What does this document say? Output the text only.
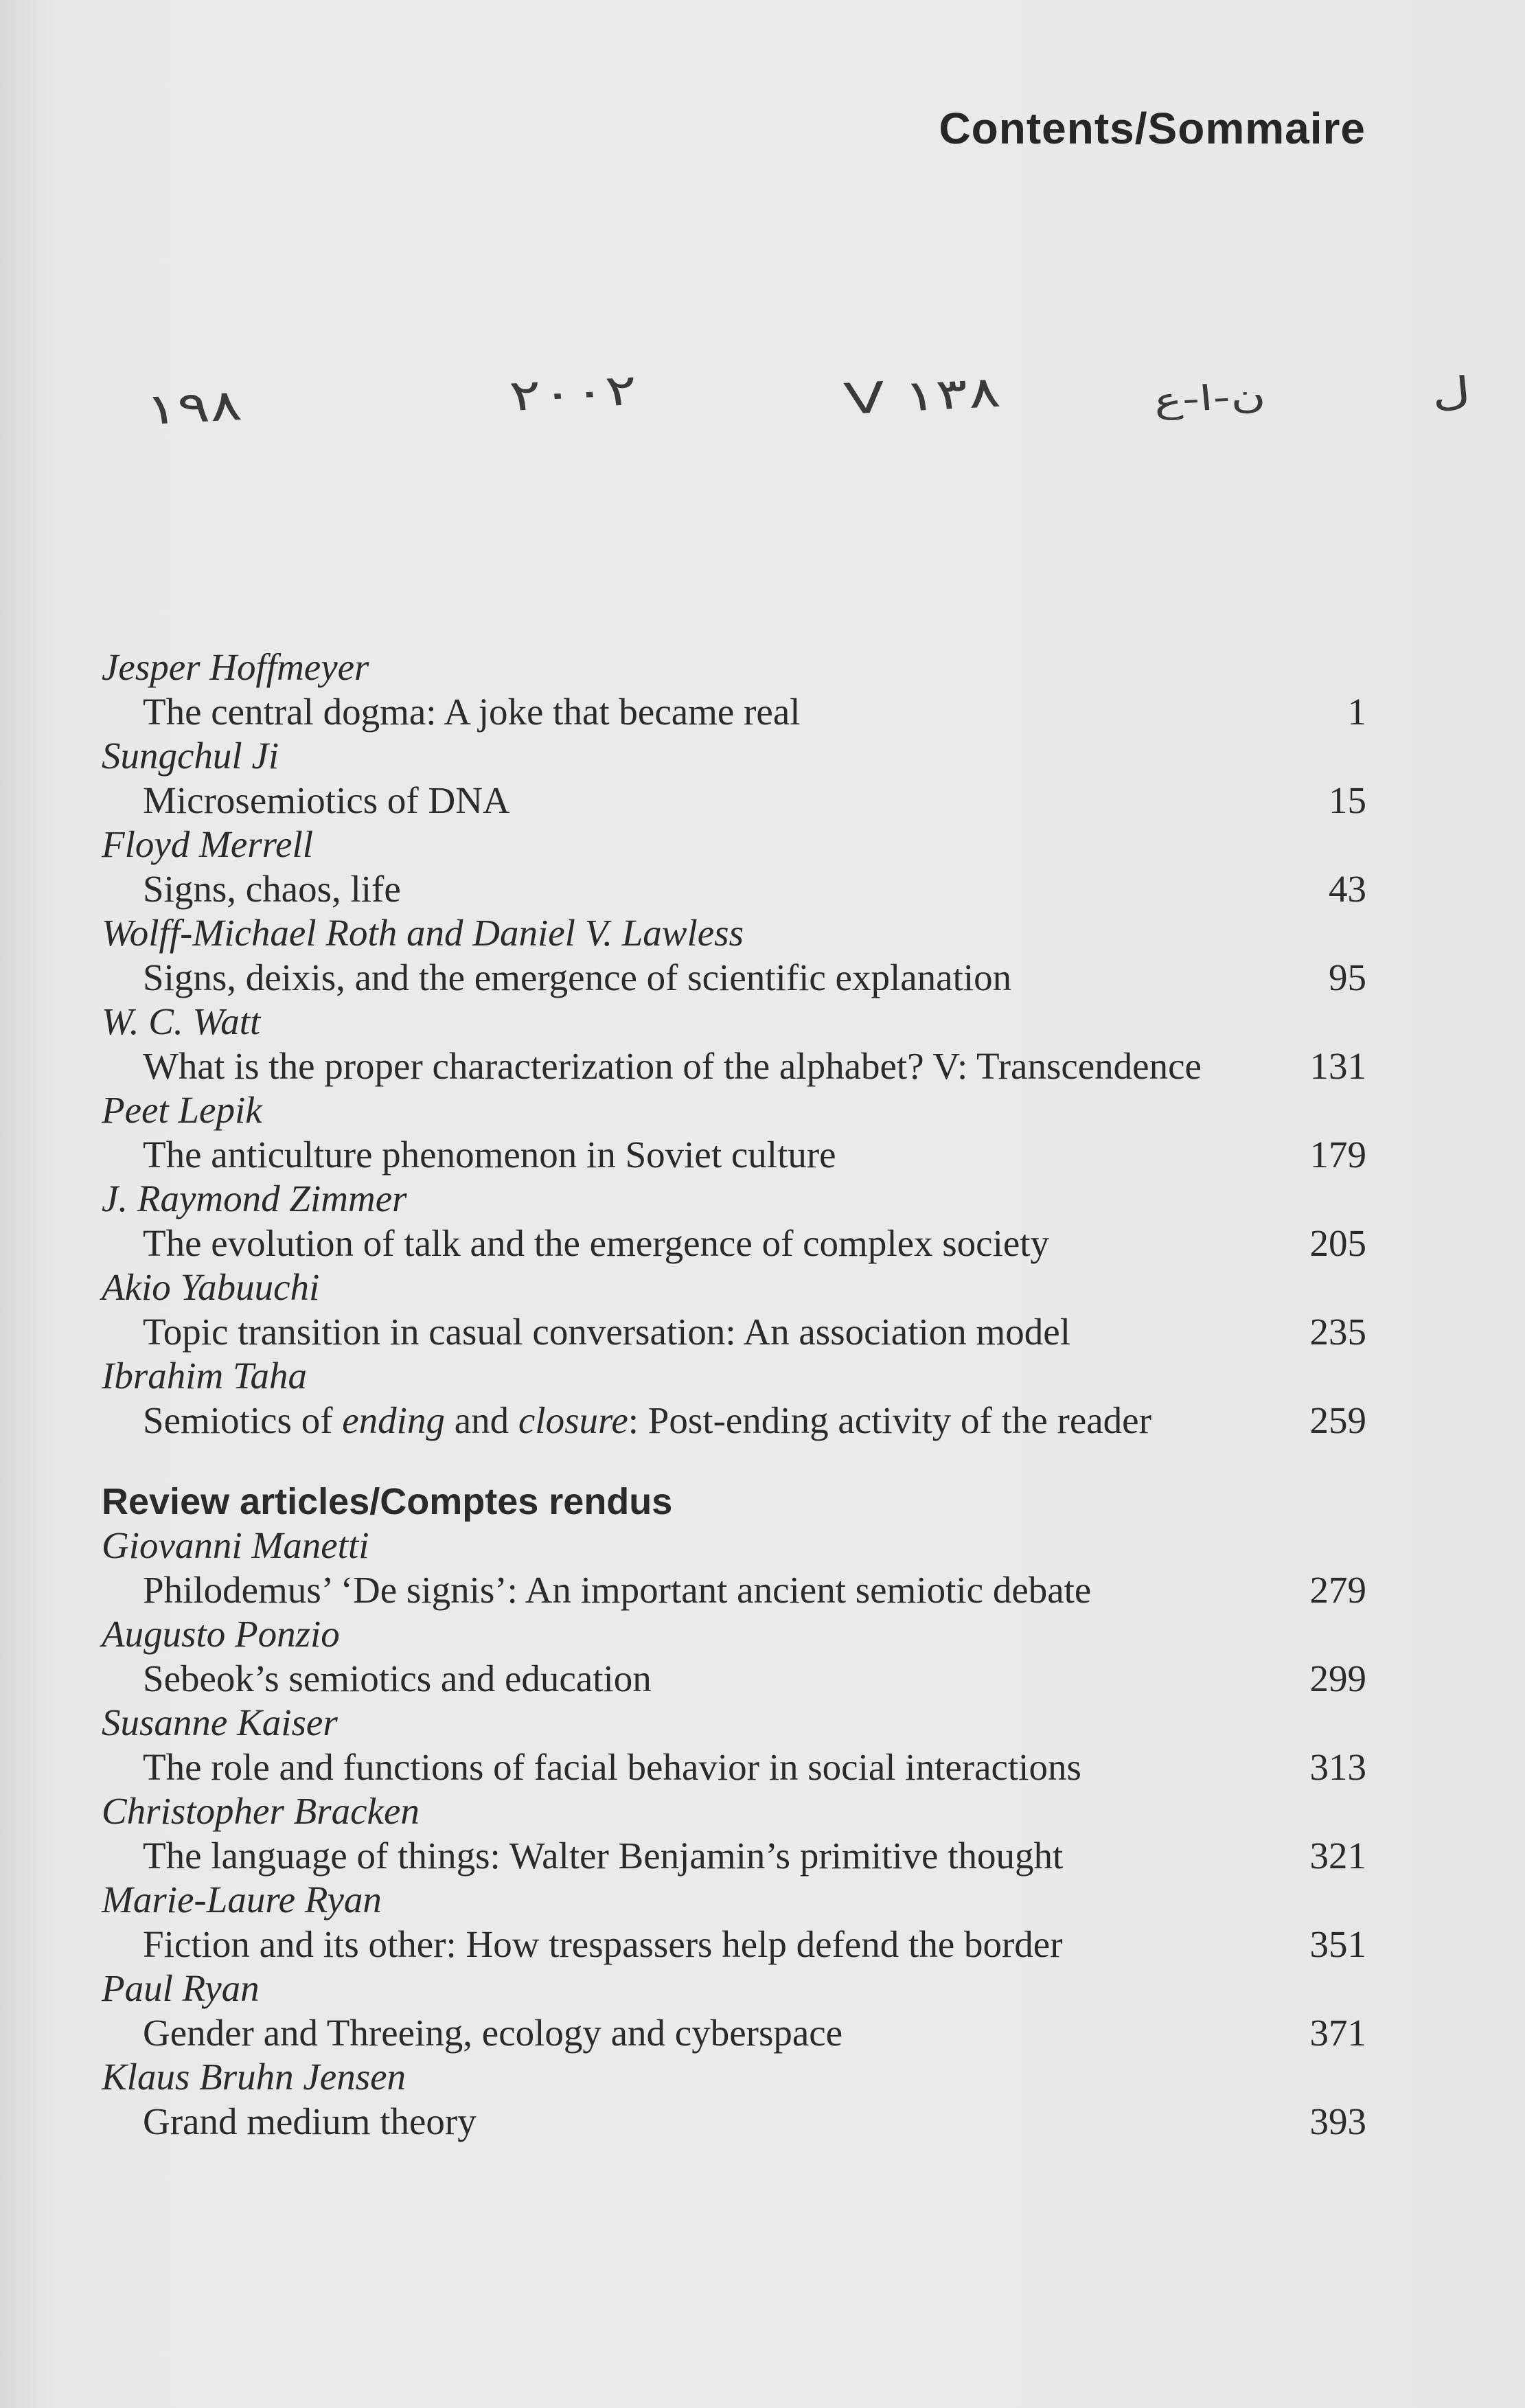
Contents/Sommaire
١٩٨	٢٠٠٢	V ١٣٨	ن-ا-ع	ل
Jesper Hoffmeyer
The central dogma: A joke that became real	1
Sungchul Ji
Microsemiotics of DNA	15
Floyd Merrell
Signs, chaos, life	43
Wolff-Michael Roth and Daniel V. Lawless
Signs, deixis, and the emergence of scientific explanation	95
W. C. Watt
What is the proper characterization of the alphabet? V: Transcendence	131
Peet Lepik
The anticulture phenomenon in Soviet culture	179
J. Raymond Zimmer
The evolution of talk and the emergence of complex society	205
Akio Yabuuchi
Topic transition in casual conversation: An association model	235
Ibrahim Taha
Semiotics of ending and closure: Post-ending activity of the reader	259
Review articles/Comptes rendus
Giovanni Manetti
Philodemus’ ‘De signis’: An important ancient semiotic debate	279
Augusto Ponzio
Sebeok’s semiotics and education	299
Susanne Kaiser
The role and functions of facial behavior in social interactions	313
Christopher Bracken
The language of things: Walter Benjamin’s primitive thought	321
Marie-Laure Ryan
Fiction and its other: How trespassers help defend the border	351
Paul Ryan
Gender and Threeing, ecology and cyberspace	371
Klaus Bruhn Jensen
Grand medium theory	393
